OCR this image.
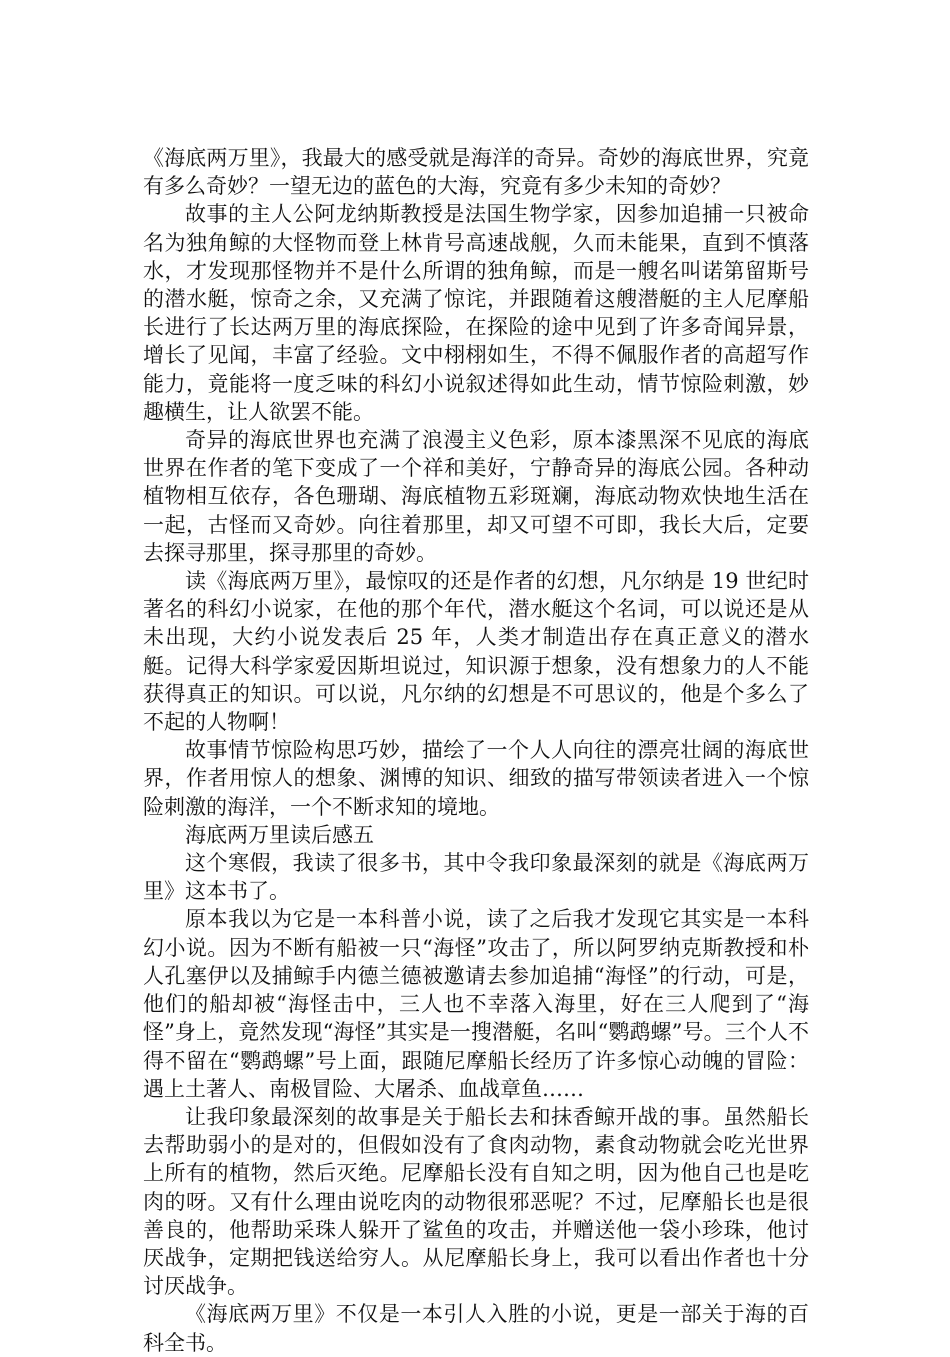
《海底两万里》，我最大的感受就是海洋的奇异。奇妙的海底世界，究竟有多么奇妙？一望无边的蓝色的大海，究竟有多少未知的奇妙？

故事的主人公阿龙纳斯教授是法国生物学家，因参加追捕一只被命名为独角鲸的大怪物而登上林肯号高速战舰，久而未能果，直到不慎落水，才发现那怪物并不是什么所谓的独角鲸，而是一艘名叫诺第留斯号的潜水艇，惊奇之余，又充满了惊诧，并跟随着这艘潜艇的主人尼摩船长进行了长达两万里的海底探险，在探险的途中见到了许多奇闻异景，增长了见闻，丰富了经验。文中栩栩如生，不得不佩服作者的高超写作能力，竟能将一度乏味的科幻小说叙述得如此生动，情节惊险刺激，妙趣横生，让人欲罢不能。

奇异的海底世界也充满了浪漫主义色彩，原本漆黑深不见底的海底世界在作者的笔下变成了一个祥和美好，宁静奇异的海底公园。各种动植物相互依存，各色珊瑚、海底植物五彩斑斓，海底动物欢快地生活在一起，古怪而又奇妙。向往着那里，却又可望不可即，我长大后，定要去探寻那里，探寻那里的奇妙。

读《海底两万里》，最惊叹的还是作者的幻想，凡尔纳是 19 世纪时著名的科幻小说家，在他的那个年代，潜水艇这个名词，可以说还是从未出现，大约小说发表后 25 年，人类才制造出存在真正意义的潜水艇。记得大科学家爱因斯坦说过，知识源于想象，没有想象力的人不能获得真正的知识。可以说，凡尔纳的幻想是不可思议的，他是个多么了不起的人物啊！

故事情节惊险构思巧妙，描绘了一个人人向往的漂亮壮阔的海底世界，作者用惊人的想象、渊博的知识、细致的描写带领读者进入一个惊险刺激的海洋，一个不断求知的境地。

海底两万里读后感五

这个寒假，我读了很多书，其中令我印象最深刻的就是《海底两万里》这本书了。

原本我以为它是一本科普小说，读了之后我才发现它其实是一本科幻小说。因为不断有船被一只“海怪”攻击了，所以阿罗纳克斯教授和朴人孔塞伊以及捕鲸手内德兰德被邀请去参加追捕“海怪”的行动，可是，他们的船却被“海怪击中，三人也不幸落入海里，好在三人爬到了“海怪”身上，竟然发现“海怪”其实是一搜潜艇，名叫“鹦鹉螺”号。三个人不得不留在“鹦鹉螺”号上面，跟随尼摩船长经历了许多惊心动魄的冒险：遇上土著人、南极冒险、大屠杀、血战章鱼……

让我印象最深刻的故事是关于船长去和抹香鲸开战的事。虽然船长去帮助弱小的是对的，但假如没有了食肉动物，素食动物就会吃光世界上所有的植物，然后灭绝。尼摩船长没有自知之明，因为他自己也是吃肉的呀。又有什么理由说吃肉的动物很邪恶呢？不过，尼摩船长也是很善良的，他帮助采珠人躲开了鲨鱼的攻击，并赠送他一袋小珍珠，他讨厌战争，定期把钱送给穷人。从尼摩船长身上，我可以看出作者也十分讨厌战争。

《海底两万里》不仅是一本引人入胜的小说，更是一部关于海的百科全书。
